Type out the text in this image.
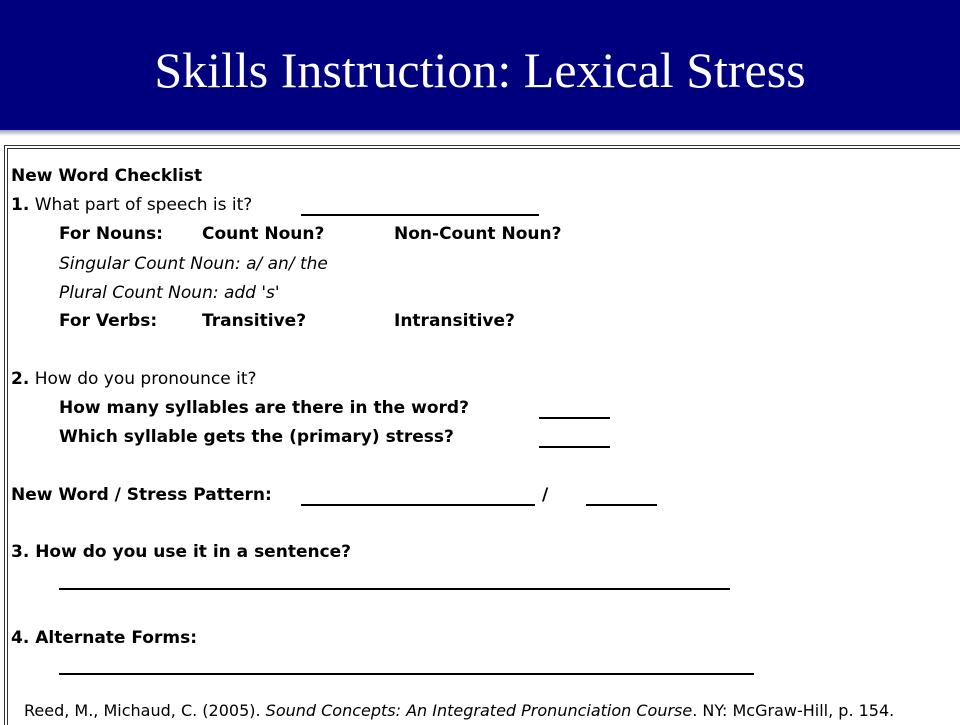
Skills Instruction: Lexical Stress
New Word Checklist
1. What part of speech is it?
For Nouns: Count Noun?	Non-Count Noun?
Singular Count Noun: a/ an/ the
Plural Count Noun: add 's'
For Verbs:	Transitive?	Intransitive?
2. How do you pronounce it?
How many syllables are there in the word?
Which syllable gets the (primary) stress?
New Word / Stress Pattern:	/
3. How do you use it in a sentence?
4. Alternate Forms:
Reed, M., Michaud, C. (2005). Sound Concepts: An Integrated Pronunciation Course. NY: McGraw-Hill, p. 154.
